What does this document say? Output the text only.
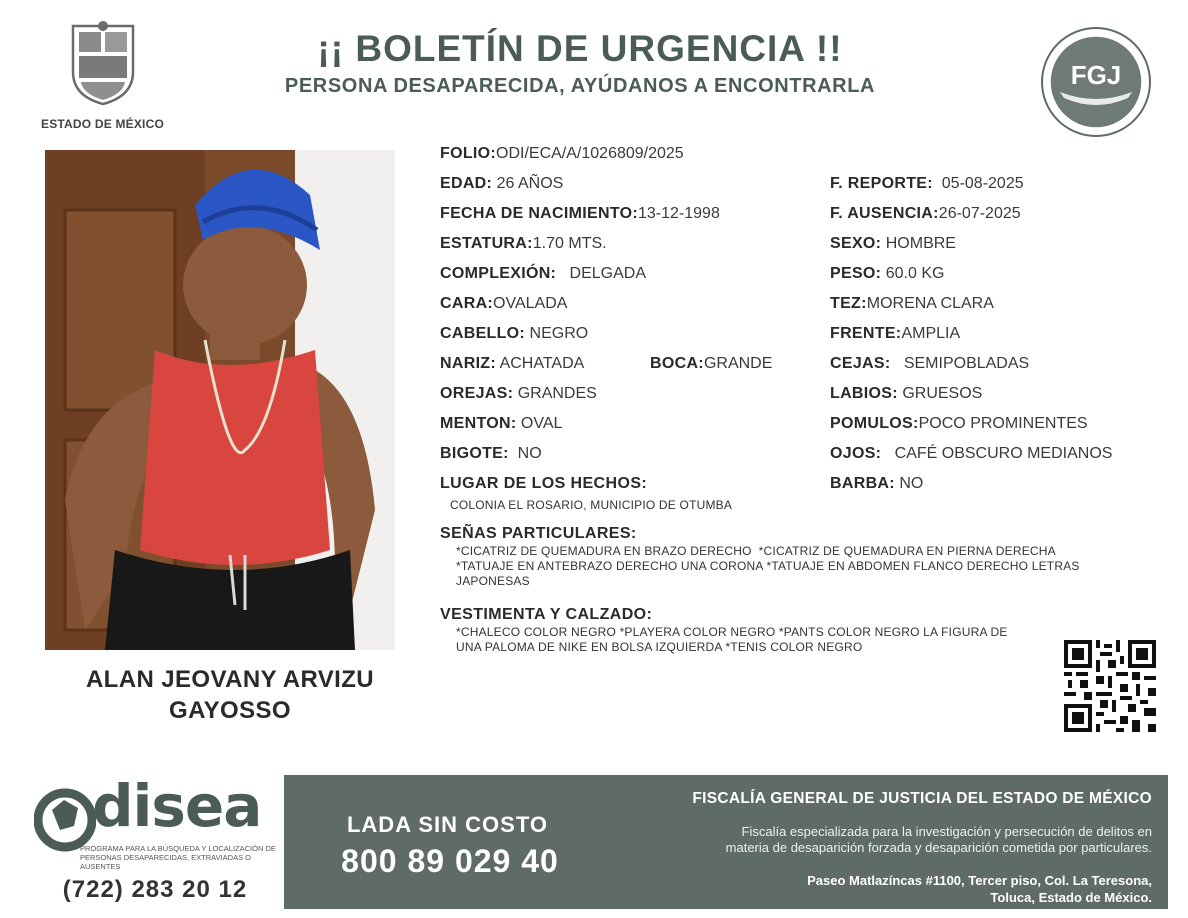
ESTADO DE MÉXICO
¡¡ BOLETÍN DE URGENCIA !!
PERSONA DESAPARECIDA, AYÚDANOS A ENCONTRARLA	FGJ
ALAN JEOVANY ARVIZU
GAYOSSO
FOLIO:ODI/ECA/A/1026809/2025
EDAD: 26 AÑOS
FECHA DE NACIMIENTO:13-12-1998
ESTATURA:1.70 MTS.
COMPLEXIÓN: DELGADA
CARA:OVALADA
CABELLO: NEGRO
NARIZ: ACHATADA	BOCA:GRANDE
OREJAS: GRANDES
MENTON: OVAL
BIGOTE: NO
F. REPORTE: 05-08-2025
F. AUSENCIA:26-07-2025
SEXO: HOMBRE
PESO: 60.0 KG
TEZ:MORENA CLARA
FRENTE:AMPLIA
CEJAS: SEMIPOBLADAS
LABIOS: GRUESOS
POMULOS:POCO PROMINENTES
OJOS: CAFÉ OBSCURO MEDIANOS
BARBA: NO
LUGAR DE LOS HECHOS:
COLONIA EL ROSARIO, MUNICIPIO DE OTUMBA
SEÑAS PARTICULARES:
*CICATRIZ DE QUEMADURA EN BRAZO DERECHO  *CICATRIZ DE QUEMADURA EN PIERNA DERECHA
*TATUAJE EN ANTEBRAZO DERECHO UNA CORONA *TATUAJE EN ABDOMEN FLANCO DERECHO LETRAS
JAPONESAS
VESTIMENTA Y CALZADO:
*CHALECO COLOR NEGRO *PLAYERA COLOR NEGRO *PANTS COLOR NEGRO LA FIGURA DE
UNA PALOMA DE NIKE EN BOLSA IZQUIERDA *TENIS COLOR NEGRO
disea
PROGRAMA PARA LA BÚSQUEDA Y LOCALIZACIÓN DE PERSONAS DESAPARECIDAS, EXTRAVIADAS O AUSENTES
(722) 283 20 12
LADA SIN COSTO
800 89 029 40
FISCALÍA GENERAL DE JUSTICIA DEL ESTADO DE MÉXICO
Fiscalía especializada para la investigación y persecución de delitos en
materia de desaparición forzada y desaparición cometida por particulares.
Paseo Matlazíncas #1100, Tercer piso, Col. La Teresona,
Toluca, Estado de México.
